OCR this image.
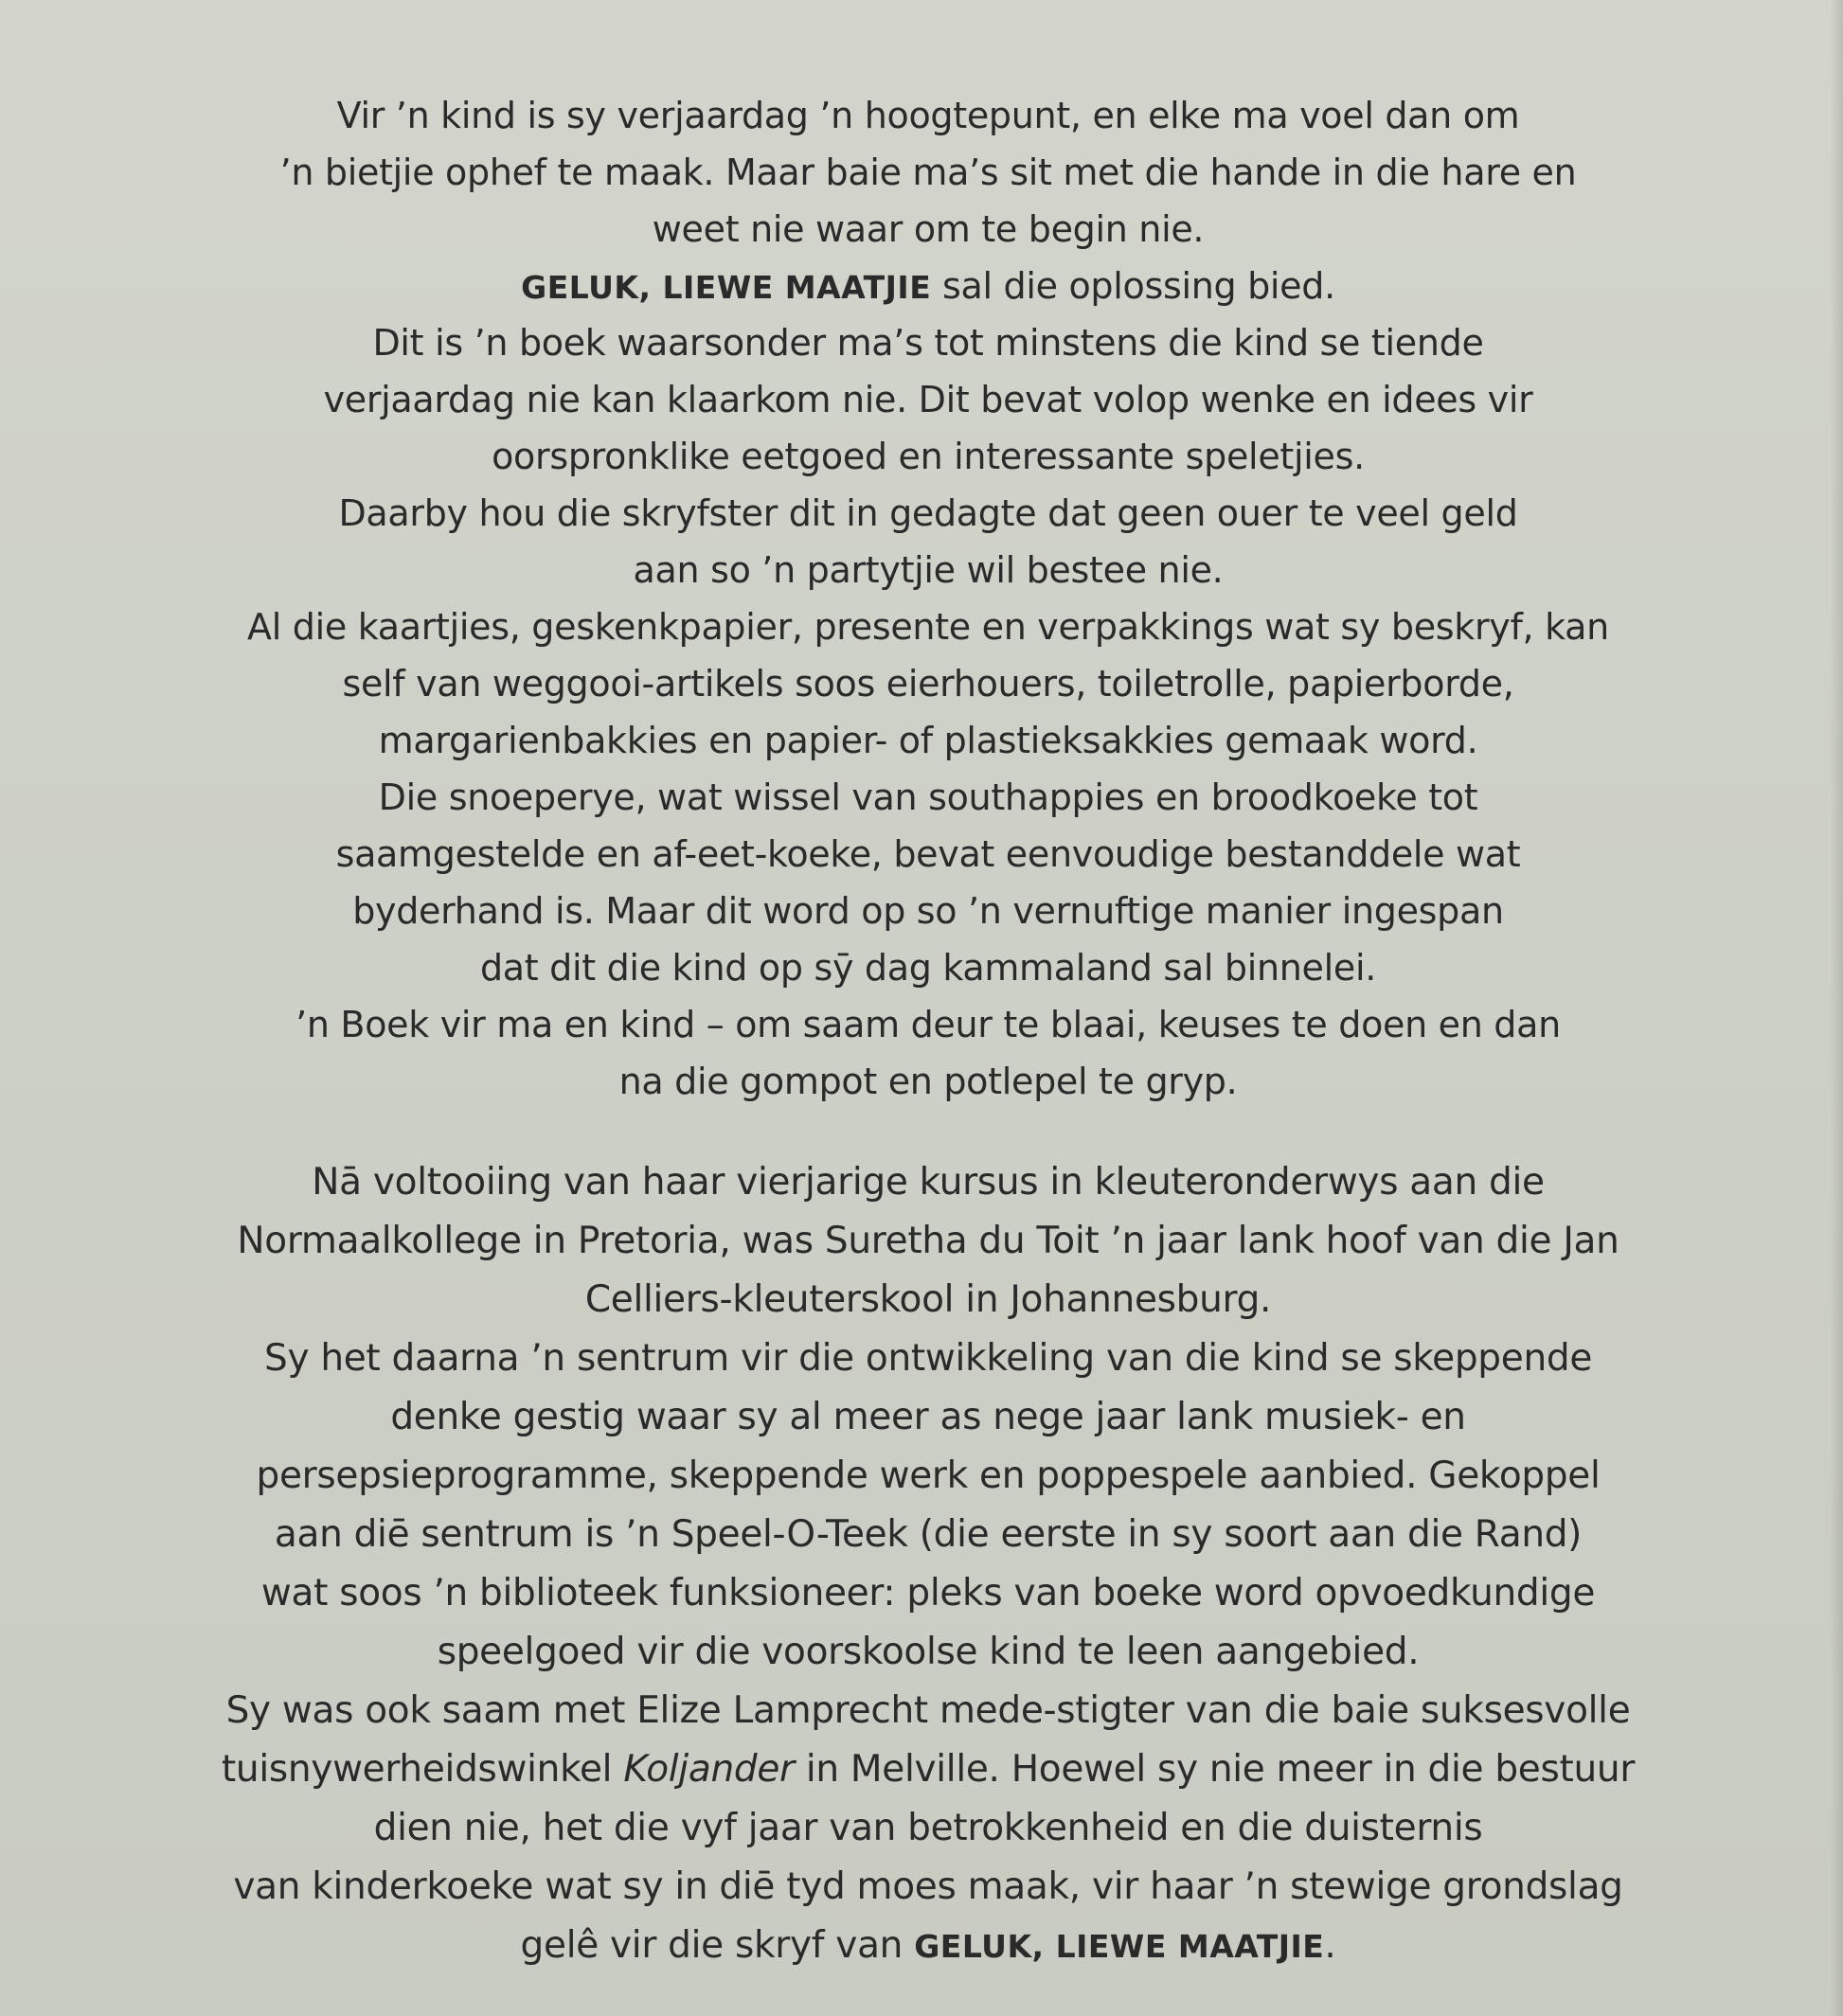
Vir ’n kind is sy verjaardag ’n hoogtepunt, en elke ma voel dan om
’n bietjie ophef te maak. Maar baie ma’s sit met die hande in die hare en
weet nie waar om te begin nie.
GELUK, LIEWE MAATJIE sal die oplossing bied.
Dit is ’n boek waarsonder ma’s tot minstens die kind se tiende
verjaardag nie kan klaarkom nie. Dit bevat volop wenke en idees vir
oorspronklike eetgoed en interessante speletjies.
Daarby hou die skryfster dit in gedagte dat geen ouer te veel geld
aan so ’n partytjie wil bestee nie.
Al die kaartjies, geskenkpapier, presente en verpakkings wat sy beskryf, kan
self van weggooi-artikels soos eierhouers, toiletrolle, papierborde,
margarienbakkies en papier- of plastieksakkies gemaak word.
Die snoeperye, wat wissel van southappies en broodkoeke tot
saamgestelde en af-eet-koeke, bevat eenvoudige bestanddele wat
byderhand is. Maar dit word op so ’n vernuftige manier ingespan
dat dit die kind op sȳ dag kammaland sal binnelei.
’n Boek vir ma en kind – om saam deur te blaai, keuses te doen en dan
na die gompot en potlepel te gryp.
Nā voltooiing van haar vierjarige kursus in kleuteronderwys aan die
Normaalkollege in Pretoria, was Suretha du Toit ’n jaar lank hoof van die Jan
Celliers-kleuterskool in Johannesburg.
Sy het daarna ’n sentrum vir die ontwikkeling van die kind se skeppende
denke gestig waar sy al meer as nege jaar lank musiek- en
persepsieprogramme, skeppende werk en poppespele aanbied. Gekoppel
aan diē sentrum is ’n Speel-O-Teek (die eerste in sy soort aan die Rand)
wat soos ’n biblioteek funksioneer: pleks van boeke word opvoedkundige
speelgoed vir die voorskoolse kind te leen aangebied.
Sy was ook saam met Elize Lamprecht mede-stigter van die baie suksesvolle
tuisnywerheidswinkel Koljander in Melville. Hoewel sy nie meer in die bestuur
dien nie, het die vyf jaar van betrokkenheid en die duisternis
van kinderkoeke wat sy in diē tyd moes maak, vir haar ’n stewige grondslag
gelê vir die skryf van GELUK, LIEWE MAATJIE.
